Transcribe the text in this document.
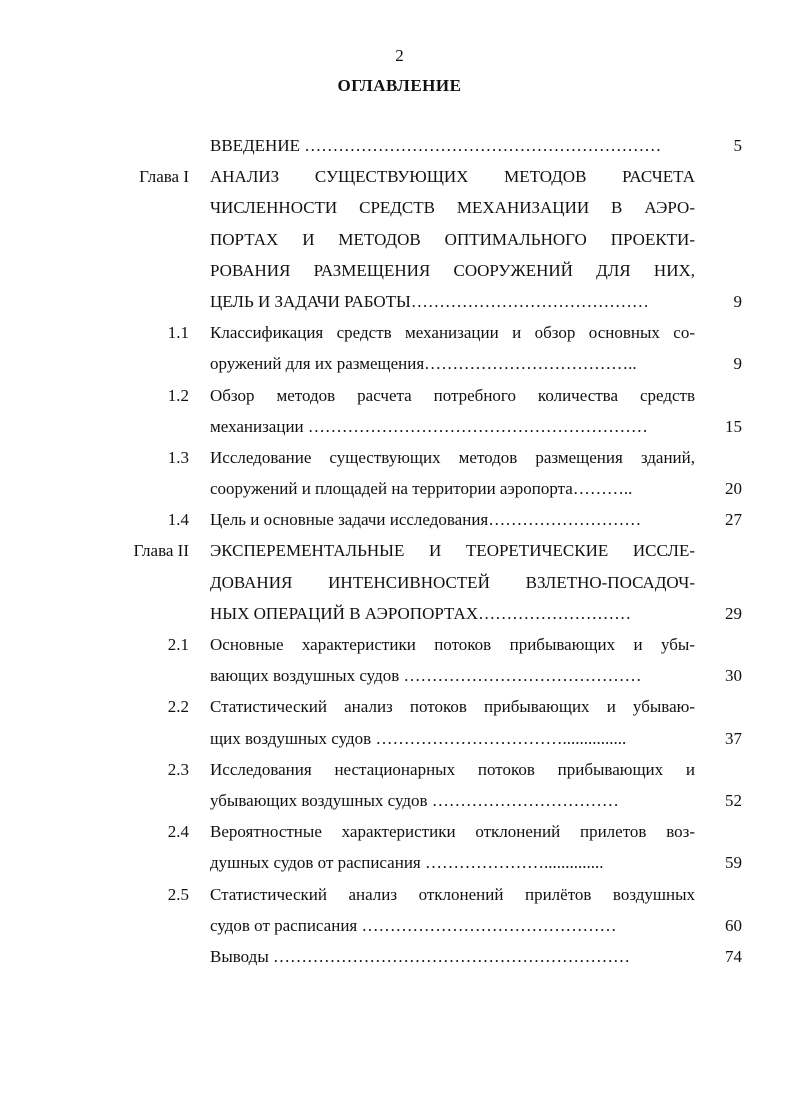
2
ОГЛАВЛЕНИЕ
ВВЕДЕНИЕ ………………………………………………………	5
Глава I АНАЛИЗ СУЩЕСТВУЮЩИХ МЕТОДОВ РАСЧЕТА
ЧИСЛЕННОСТИ СРЕДСТВ МЕХАНИЗАЦИИ В АЭРО-
ПОРТАХ И МЕТОДОВ ОПТИМАЛЬНОГО ПРОЕКТИ-
РОВАНИЯ РАЗМЕЩЕНИЯ СООРУЖЕНИЙ ДЛЯ НИХ,
ЦЕЛЬ И ЗАДАЧИ РАБОТЫ……………………………………	9
1.1 Классификация средств механизации и обзор основных со-
оружений для их размещения………………………………..	9
1.2 Обзор методов расчета потребного количества средств
механизации ……………………………………………………	15
1.3 Исследование существующих методов размещения зданий,
сооружений и площадей на территории аэропорта………..	20
1.4 Цель и основные задачи исследования………………………	27
Глава II ЭКСПЕРЕМЕНТАЛЬНЫЕ И ТЕОРЕТИЧЕСКИЕ ИССЛЕ-
ДОВАНИЯ ИНТЕНСИВНОСТЕЙ ВЗЛЕТНО-ПОСАДОЧ-
НЫХ ОПЕРАЦИЙ В АЭРОПОРТАХ………………………	29
2.1 Основные характеристики потоков прибывающих и убы-
вающих воздушных судов ……………………………………	30
2.2 Статистический анализ потоков прибывающих и убываю-
щих воздушных судов ……………………………...............	37
2.3 Исследования нестационарных потоков прибывающих и
убывающих воздушных судов ……………………………	52
2.4 Вероятностные характеристики отклонений прилетов воз-
душных судов от расписания …………………..............	59
2.5 Статистический анализ отклонений прилётов воздушных
судов от расписания ………………………………………	60
Выводы ………………………………………………………	74
